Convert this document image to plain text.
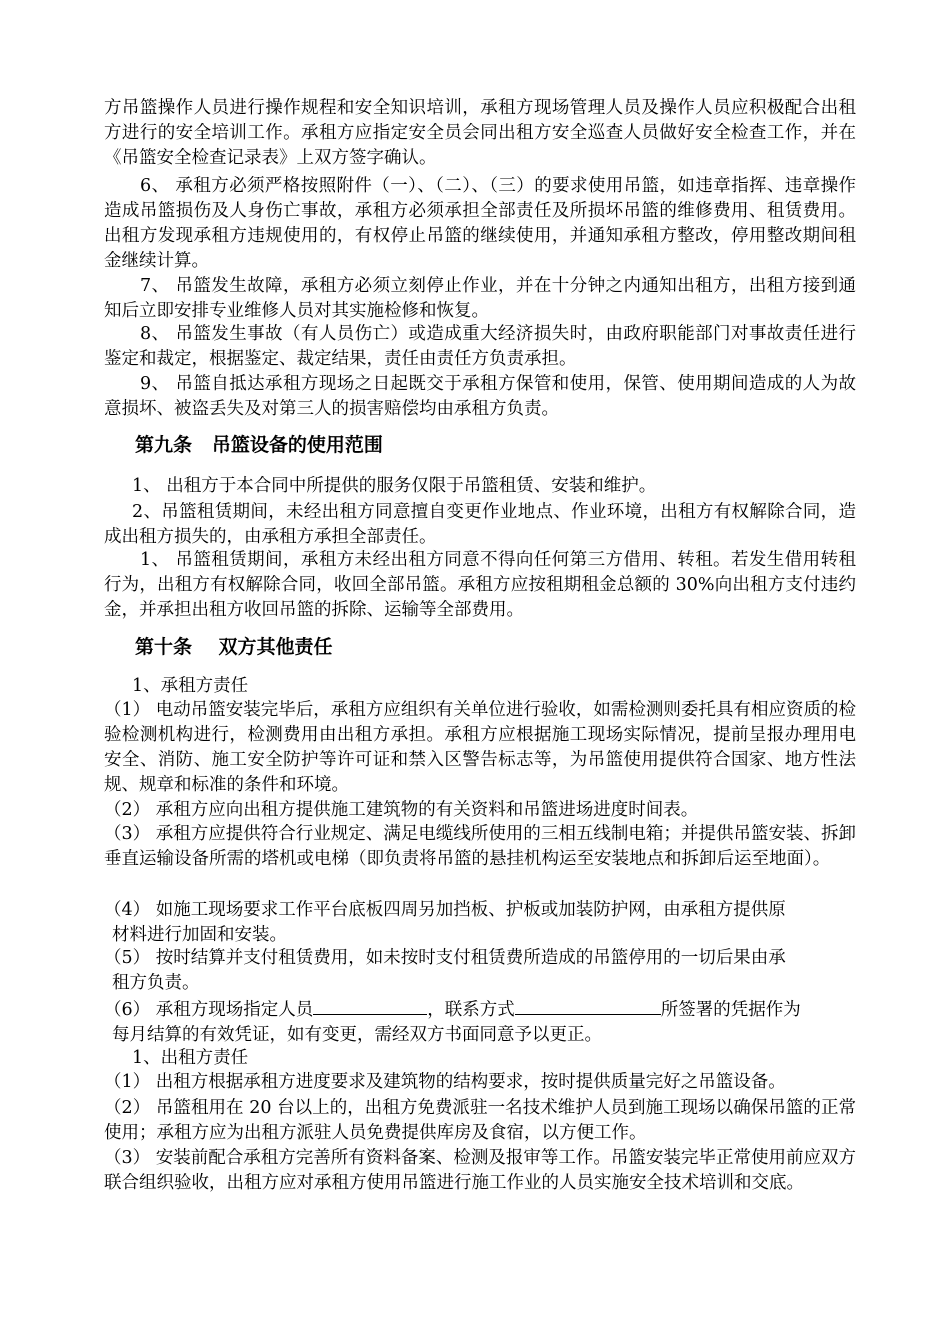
方吊篮操作人员进行操作规程和安全知识培训，承租方现场管理人员及操作人员应积极配合出租方进行的安全培训工作。承租方应指定安全员会同出租方安全巡查人员做好安全检查工作，并在《吊篮安全检查记录表》上双方签字确认。
6、 承租方必须严格按照附件（一）、（二）、（三）的要求使用吊篮，如违章指挥、违章操作造成吊篮损伤及人身伤亡事故，承租方必须承担全部责任及所损坏吊篮的维修费用、租赁费用。出租方发现承租方违规使用的，有权停止吊篮的继续使用，并通知承租方整改，停用整改期间租金继续计算。
7、 吊篮发生故障，承租方必须立刻停止作业，并在十分钟之内通知出租方，出租方接到通知后立即安排专业维修人员对其实施检修和恢复。
8、 吊篮发生事故（有人员伤亡）或造成重大经济损失时，由政府职能部门对事故责任进行鉴定和裁定，根据鉴定、裁定结果，责任由责任方负责承担。
9、 吊篮自抵达承租方现场之日起既交于承租方保管和使用，保管、使用期间造成的人为故意损坏、被盗丢失及对第三人的损害赔偿均由承租方负责。
第九条   吊篮设备的使用范围
1、 出租方于本合同中所提供的服务仅限于吊篮租赁、安装和维护。
2、吊篮租赁期间，未经出租方同意擅自变更作业地点、作业环境，出租方有权解除合同，造成出租方损失的，由承租方承担全部责任。
1、 吊篮租赁期间，承租方未经出租方同意不得向任何第三方借用、转租。若发生借用转租行为，出租方有权解除合同，收回全部吊篮。承租方应按租期租金总额的 30%向出租方支付违约金，并承担出租方收回吊篮的拆除、运输等全部费用。
第十条    双方其他责任
1、承租方责任
（1） 电动吊篮安装完毕后，承租方应组织有关单位进行验收，如需检测则委托具有相应资质的检验检测机构进行，检测费用由出租方承担。承租方应根据施工现场实际情况，提前呈报办理用电安全、消防、施工安全防护等许可证和禁入区警告标志等，为吊篮使用提供符合国家、地方性法规、规章和标准的条件和环境。
（2） 承租方应向出租方提供施工建筑物的有关资料和吊篮进场进度时间表。
（3） 承租方应提供符合行业规定、满足电缆线所使用的三相五线制电箱；并提供吊篮安装、拆卸垂直运输设备所需的塔机或电梯（即负责将吊篮的悬挂机构运至安装地点和拆卸后运至地面）。
（4） 如施工现场要求工作平台底板四周另加挡板、护板或加装防护网，由承租方提供原
材料进行加固和安装。
（5） 按时结算并支付租赁费用，如未按时支付租赁费所造成的吊篮停用的一切后果由承
租方负责。
（6） 承租方现场指定人员	，联系方式	所签署的凭据作为
每月结算的有效凭证，如有变更，需经双方书面同意予以更正。
1、出租方责任
（1） 出租方根据承租方进度要求及建筑物的结构要求，按时提供质量完好之吊篮设备。
（2） 吊篮租用在 20 台以上的，出租方免费派驻一名技术维护人员到施工现场以确保吊篮的正常使用；承租方应为出租方派驻人员免费提供库房及食宿，以方便工作。
（3） 安装前配合承租方完善所有资料备案、检测及报审等工作。吊篮安装完毕正常使用前应双方联合组织验收，出租方应对承租方使用吊篮进行施工作业的人员实施安全技术培训和交底。
